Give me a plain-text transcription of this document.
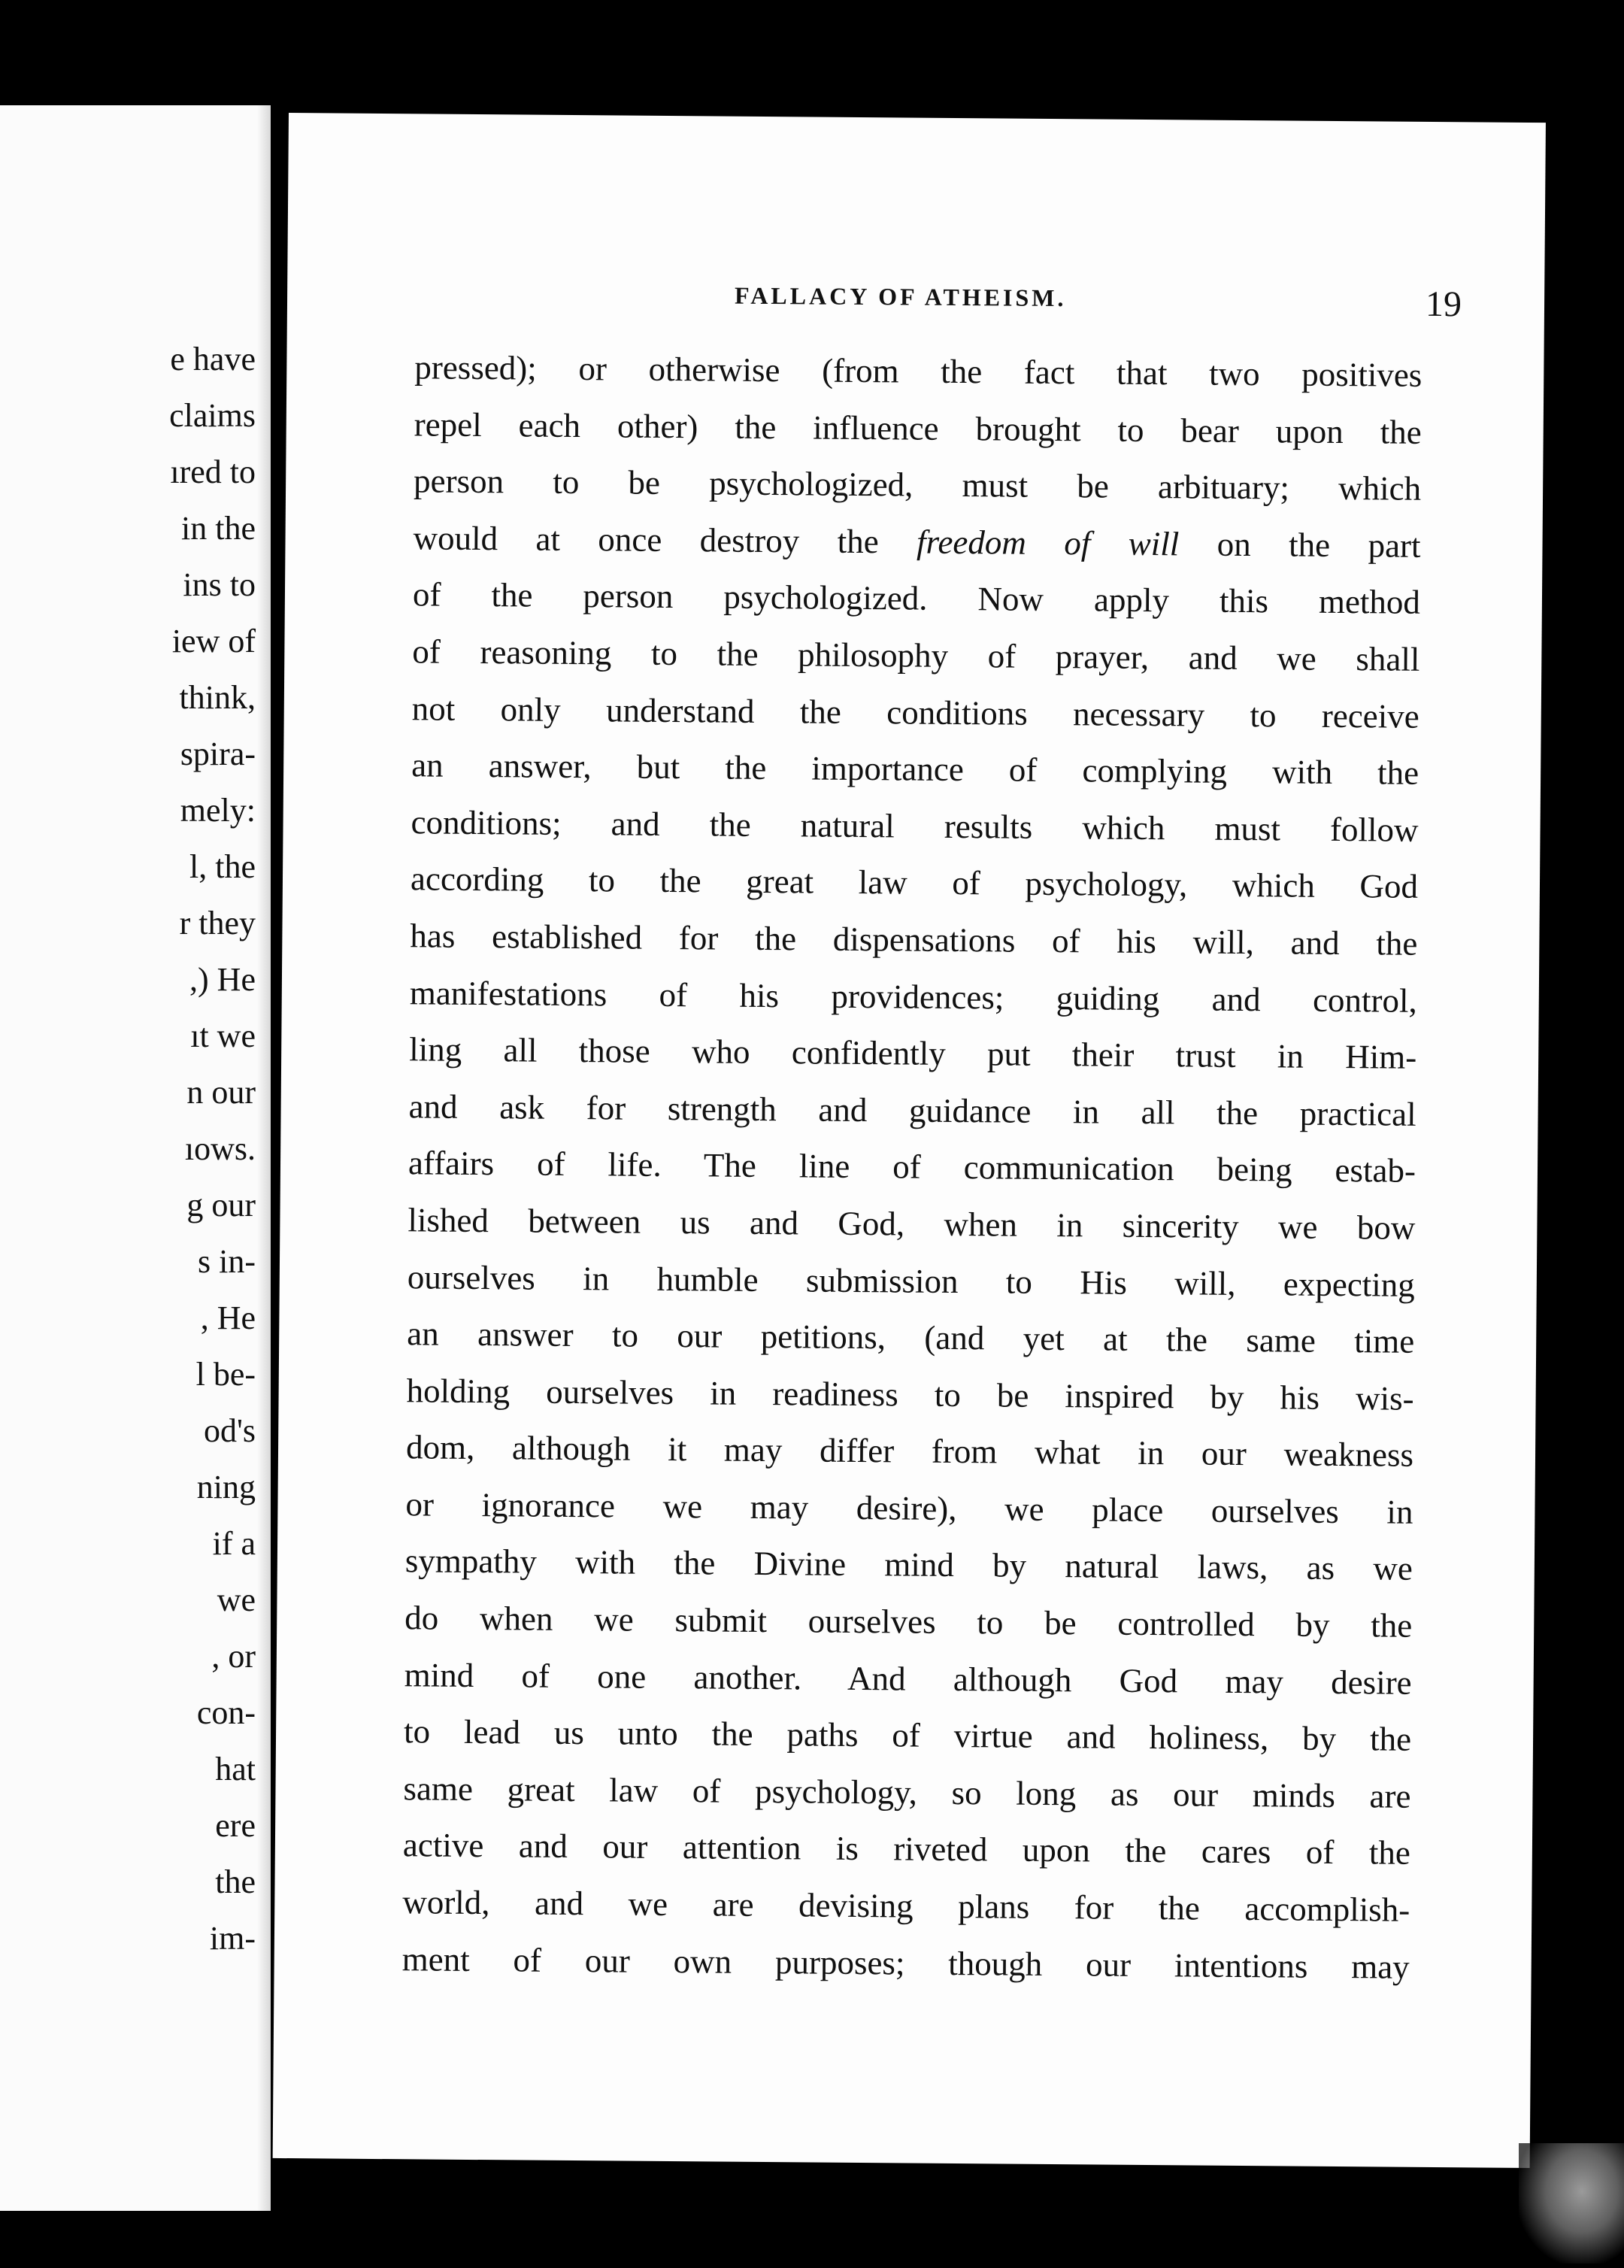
e have
claims
ıred to
in the
ins to
iew of
think,
spira-
mely:
l, the
r they
,) He
ıt we
n our
ıows.
g our
s in-
, He
l be-
od's
ning
if a
we
, or
con-
hat
ere
the
im-
FALLACY OF ATHEISM.	19
pressed); or otherwise (from the fact that two positives
repel each other) the influence brought to bear upon the
person to be psychologized, must be arbituary; which
would at once destroy the freedom of will on the part
of the person psychologized. Now apply this method
of reasoning to the philosophy of prayer, and we shall
not only understand the conditions necessary to receive
an answer, but the importance of complying with the
conditions; and the natural results which must follow
according to the great law of psychology, which God
has established for the dispensations of his will, and the
manifestations of his providences; guiding and control,
ling all those who confidently put their trust in Him-
and ask for strength and guidance in all the practical
affairs of life. The line of communication being estab-
lished between us and God, when in sincerity we bow
ourselves in humble submission to His will, expecting
an answer to our petitions, (and yet at the same time
holding ourselves in readiness to be inspired by his wis-
dom, although it may differ from what in our weakness
or ignorance we may desire), we place ourselves in
sympathy with the Divine mind by natural laws, as we
do when we submit ourselves to be controlled by the
mind of one another. And although God may desire
to lead us unto the paths of virtue and holiness, by the
same great law of psychology, so long as our minds are
active and our attention is riveted upon the cares of the
world, and we are devising plans for the accomplish-
ment of our own purposes; though our intentions may
